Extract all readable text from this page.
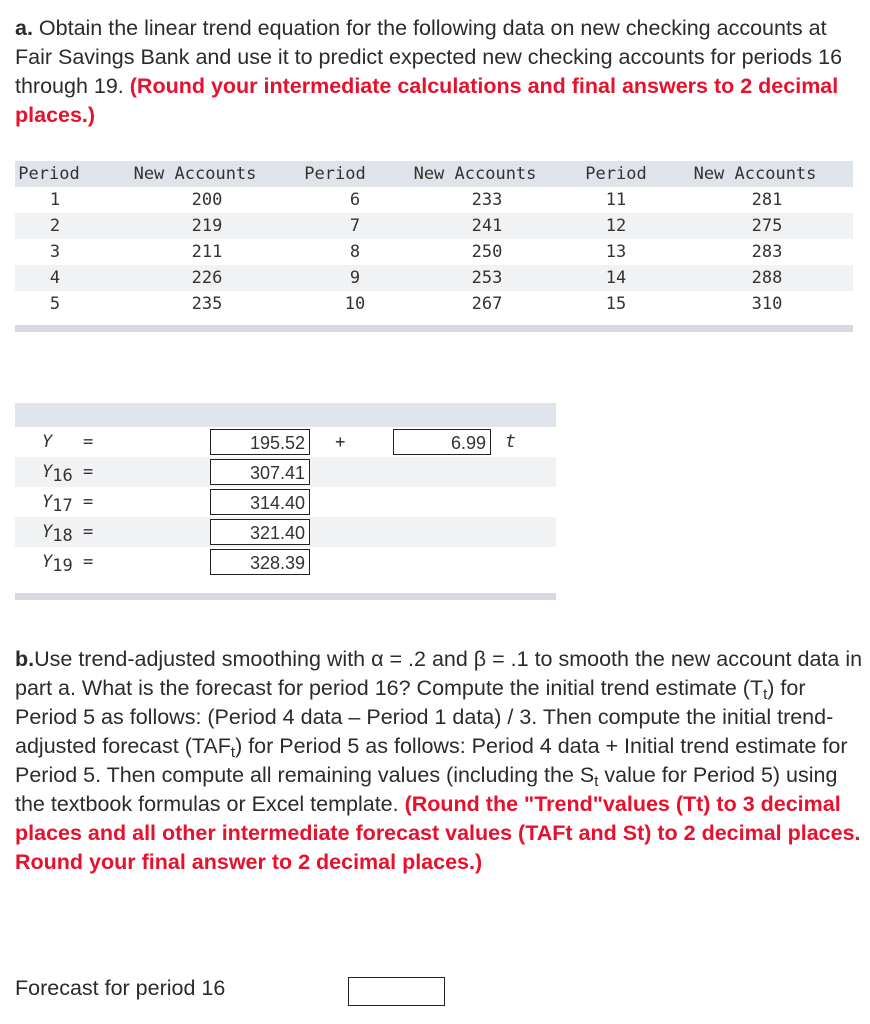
a. Obtain the linear trend equation for the following data on new checking accounts at Fair Savings Bank and use it to predict expected new checking accounts for periods 16 through 19. (Round your intermediate calculations and final answers to 2 decimal places.)
Period	New Accounts	Period	New Accounts	Period	New Accounts
1	200	6	233	11	281
2	219	7	241	12	275
3	211	8	250	13	283
4	226	9	253	14	288
5	235	10	267	15	310
Y =	195.52 +	6.99 t
$Y_{16}$ =	307.41
$Y_{17}$ =	314.40
$Y_{18}$ =	321.40
$Y_{19}$ =	328.39
b.Use trend-adjusted smoothing with α = .2 and β = .1 to smooth the new account data in part a. What is the forecast for period 16? Compute the initial trend estimate $(T_t)$ for Period 5 as follows: (Period 4 data – Period 1 data) / 3. Then compute the initial trend-adjusted forecast $(TAF_t)$ for Period 5 as follows: Period 4 data + Initial trend estimate for Period 5. Then compute all remaining values (including the $S_t$ value for Period 5) using the textbook formulas or Excel template. (Round the "Trend"values (Tt) to 3 decimal places and all other intermediate forecast values (TAFt and St) to 2 decimal places. Round your final answer to 2 decimal places.)
Forecast for period 16
